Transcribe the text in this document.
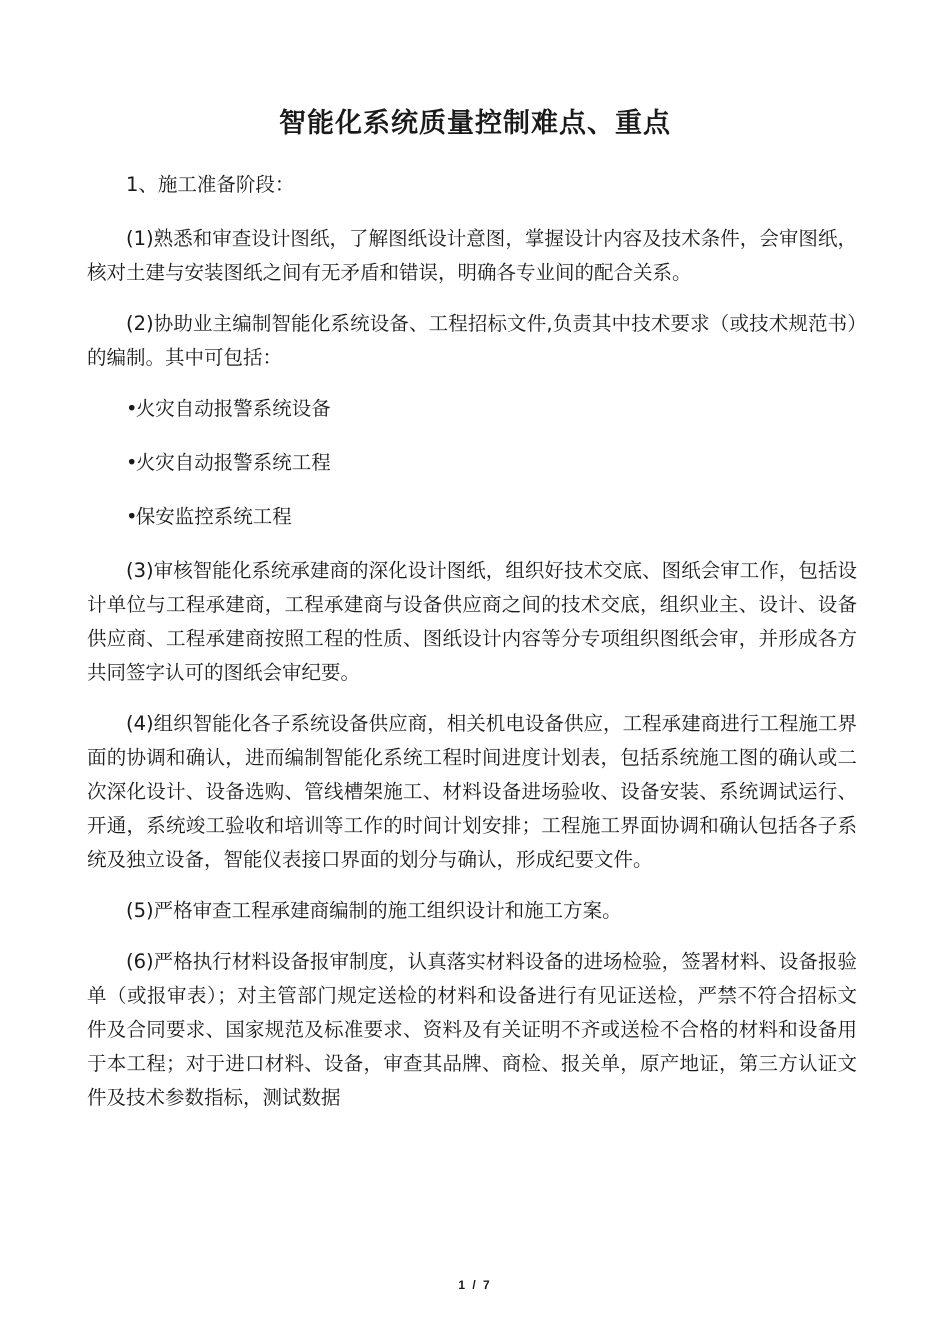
智能化系统质量控制难点、重点

1、施工准备阶段：

(1)熟悉和审查设计图纸，了解图纸设计意图，掌握设计内容及技术条件，会审图纸，核对土建与安装图纸之间有无矛盾和错误，明确各专业间的配合关系。

(2)协助业主编制智能化系统设备、工程招标文件,负责其中技术要求（或技术规范书）的编制。其中可包括：

•火灾自动报警系统设备

•火灾自动报警系统工程

•保安监控系统工程

(3)审核智能化系统承建商的深化设计图纸，组织好技术交底、图纸会审工作，包括设计单位与工程承建商，工程承建商与设备供应商之间的技术交底，组织业主、设计、设备供应商、工程承建商按照工程的性质、图纸设计内容等分专项组织图纸会审，并形成各方共同签字认可的图纸会审纪要。

(4)组织智能化各子系统设备供应商，相关机电设备供应，工程承建商进行工程施工界面的协调和确认，进而编制智能化系统工程时间进度计划表，包括系统施工图的确认或二次深化设计、设备选购、管线槽架施工、材料设备进场验收、设备安装、系统调试运行、开通，系统竣工验收和培训等工作的时间计划安排；工程施工界面协调和确认包括各子系统及独立设备，智能仪表接口界面的划分与确认，形成纪要文件。

(5)严格审查工程承建商编制的施工组织设计和施工方案。

(6)严格执行材料设备报审制度，认真落实材料设备的进场检验，签署材料、设备报验单（或报审表）；对主管部门规定送检的材料和设备进行有见证送检，严禁不符合招标文件及合同要求、国家规范及标准要求、资料及有关证明不齐或送检不合格的材料和设备用于本工程；对于进口材料、设备，审查其品牌、商检、报关单，原产地证，第三方认证文件及技术参数指标，测试数据

1 / 7
